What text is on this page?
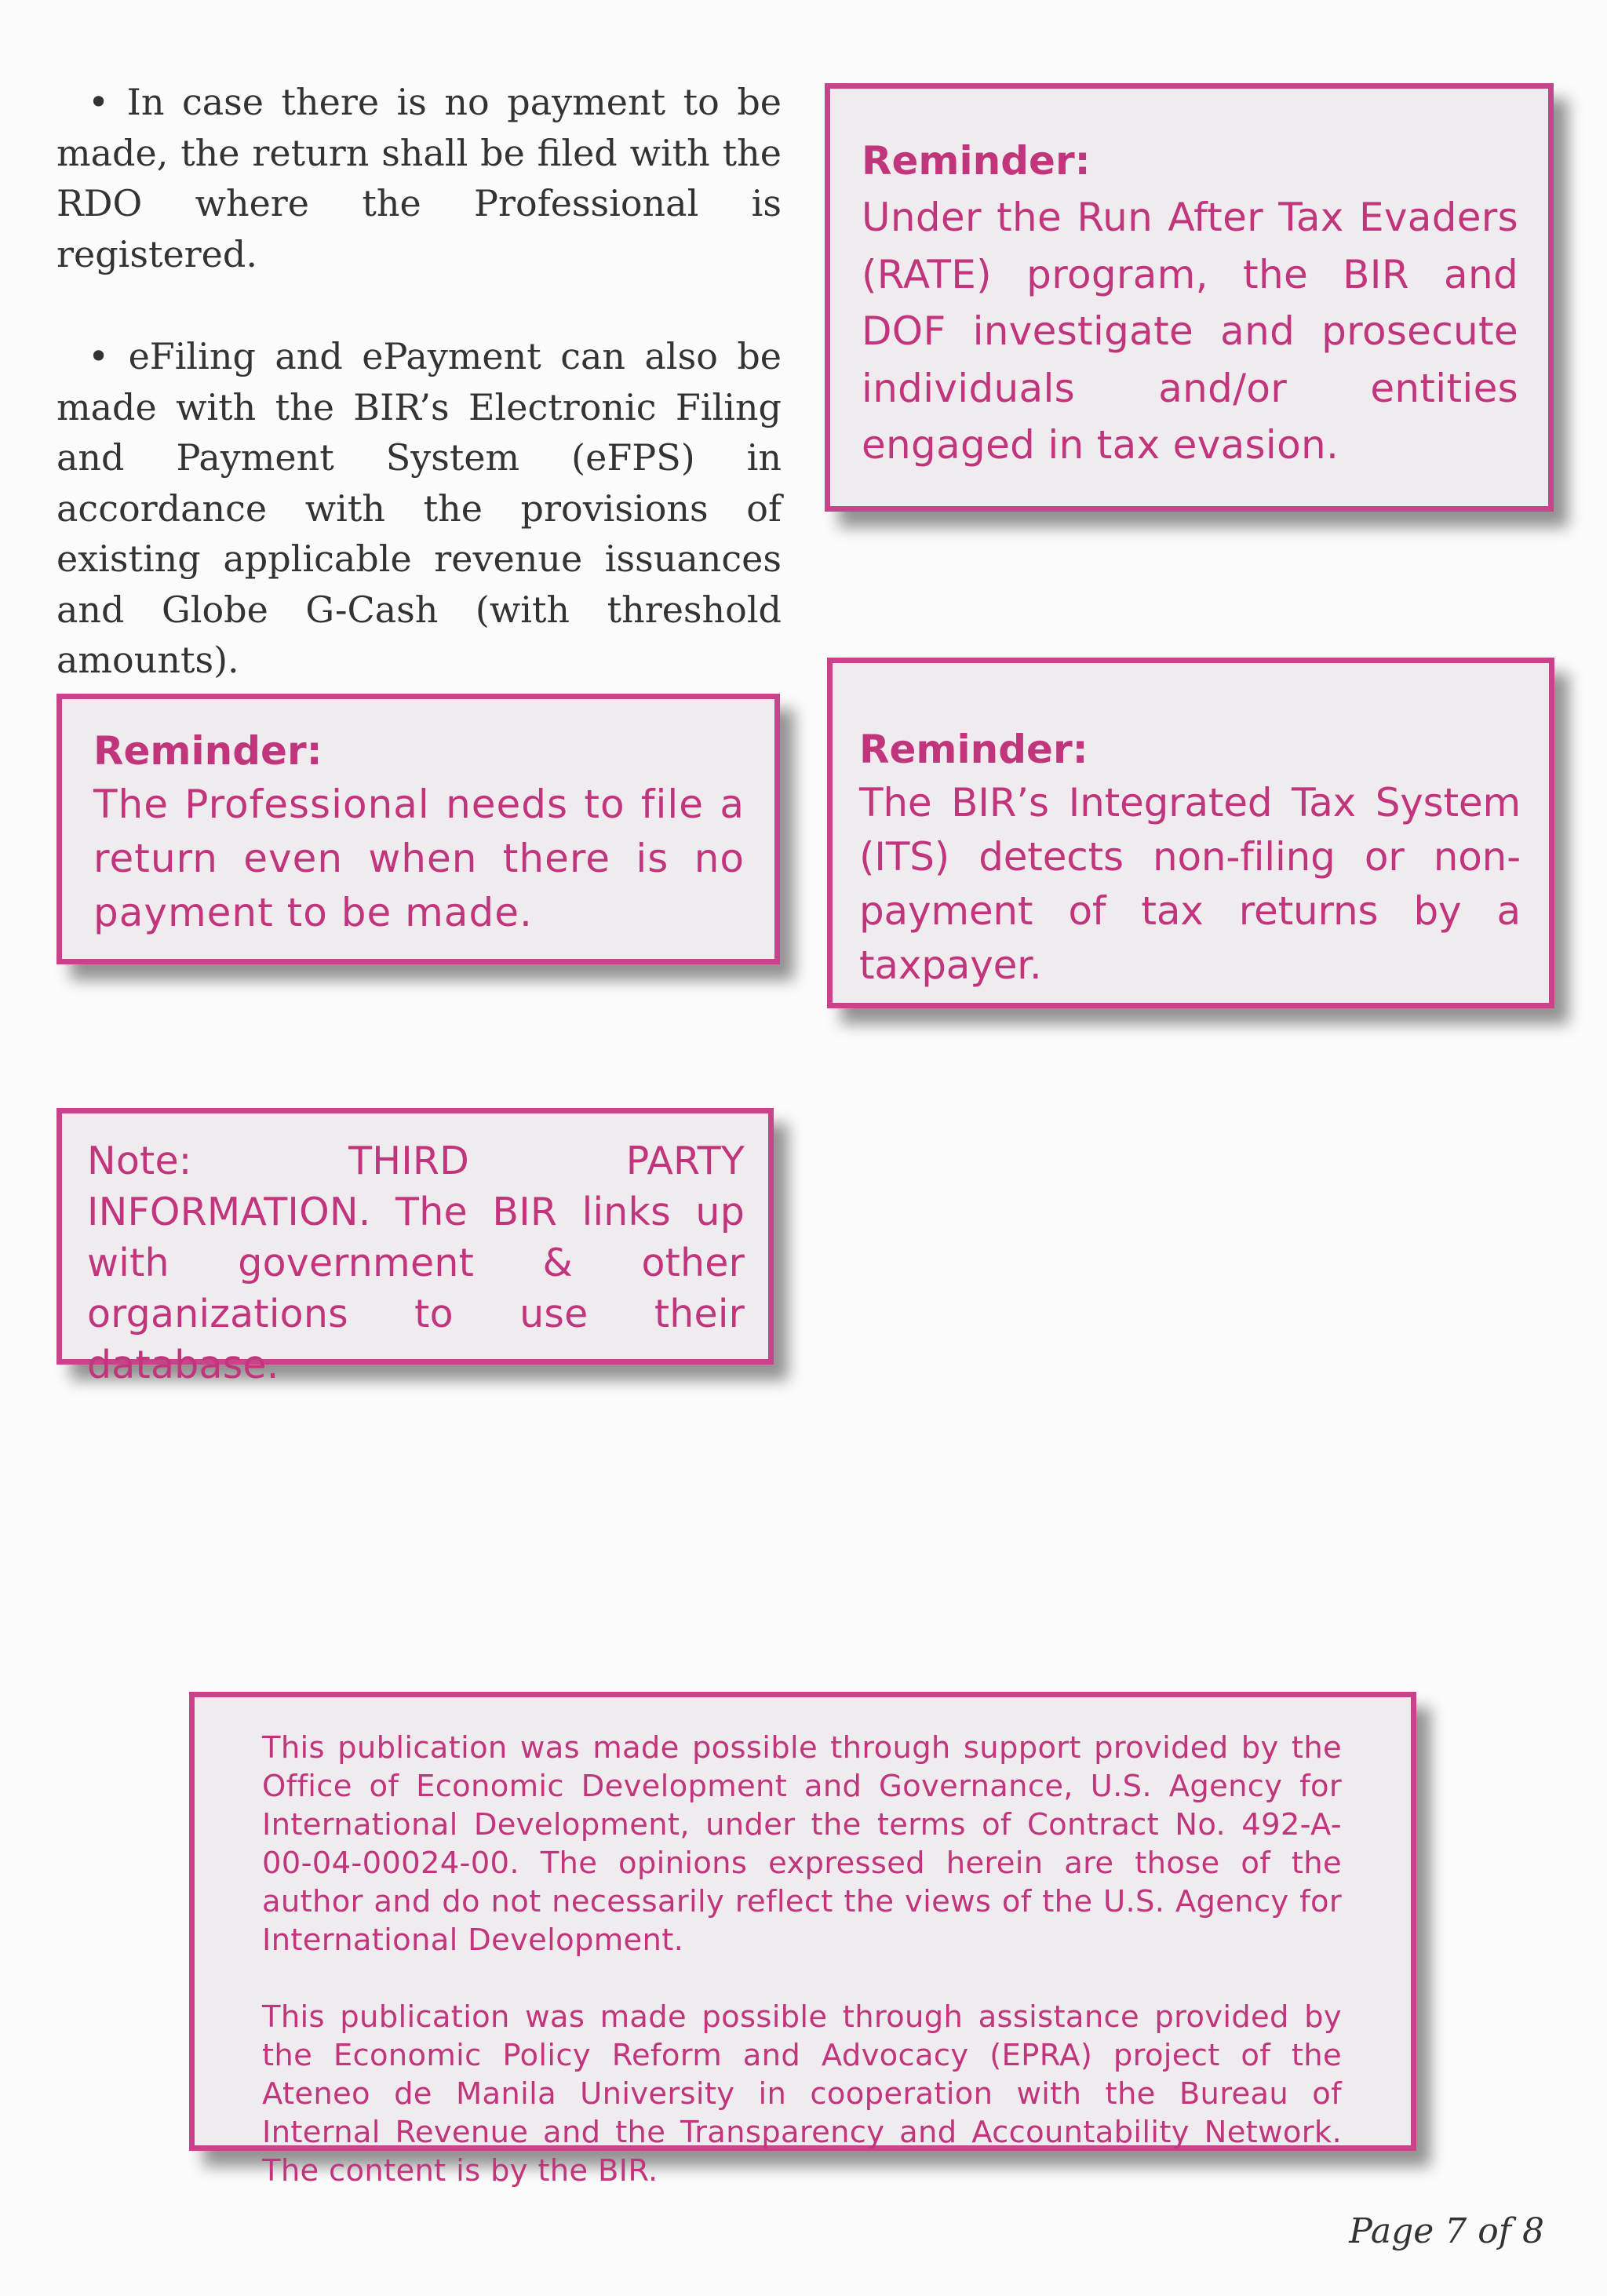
• In case there is no payment to be made, the return shall be filed with the RDO where the Professional is registered.

• eFiling and ePayment can also be made with the BIR’s Electronic Filing and Payment System (eFPS) in accordance with the provisions of existing applicable revenue issuances and Globe G-Cash (with threshold amounts).

Reminder:
Under the Run After Tax Evaders (RATE) program, the BIR and DOF investigate and prosecute individuals and/or entities engaged in tax evasion.
Reminder:
The Professional needs to file a return even when there is no payment to be made.
Reminder:
The BIR’s Integrated Tax System (ITS) detects non-filing or non-payment of tax returns by a taxpayer.
Note: THIRD PARTY INFORMATION. The BIR links up with government & other organizations to use their database.
This publication was made possible through support provided by the Office of Economic Development and Governance, U.S. Agency for International Development, under the terms of Contract No. 492-A-00-04-00024-00. The opinions expressed herein are those of the author and do not necessarily reflect the views of the U.S. Agency for International Development.
This publication was made possible through assistance provided by the Economic Policy Reform and Advocacy (EPRA) project of the Ateneo de Manila University in cooperation with the Bureau of Internal Revenue and the Transparency and Accountability Network. The content is by the BIR.
Page 7 of 8
